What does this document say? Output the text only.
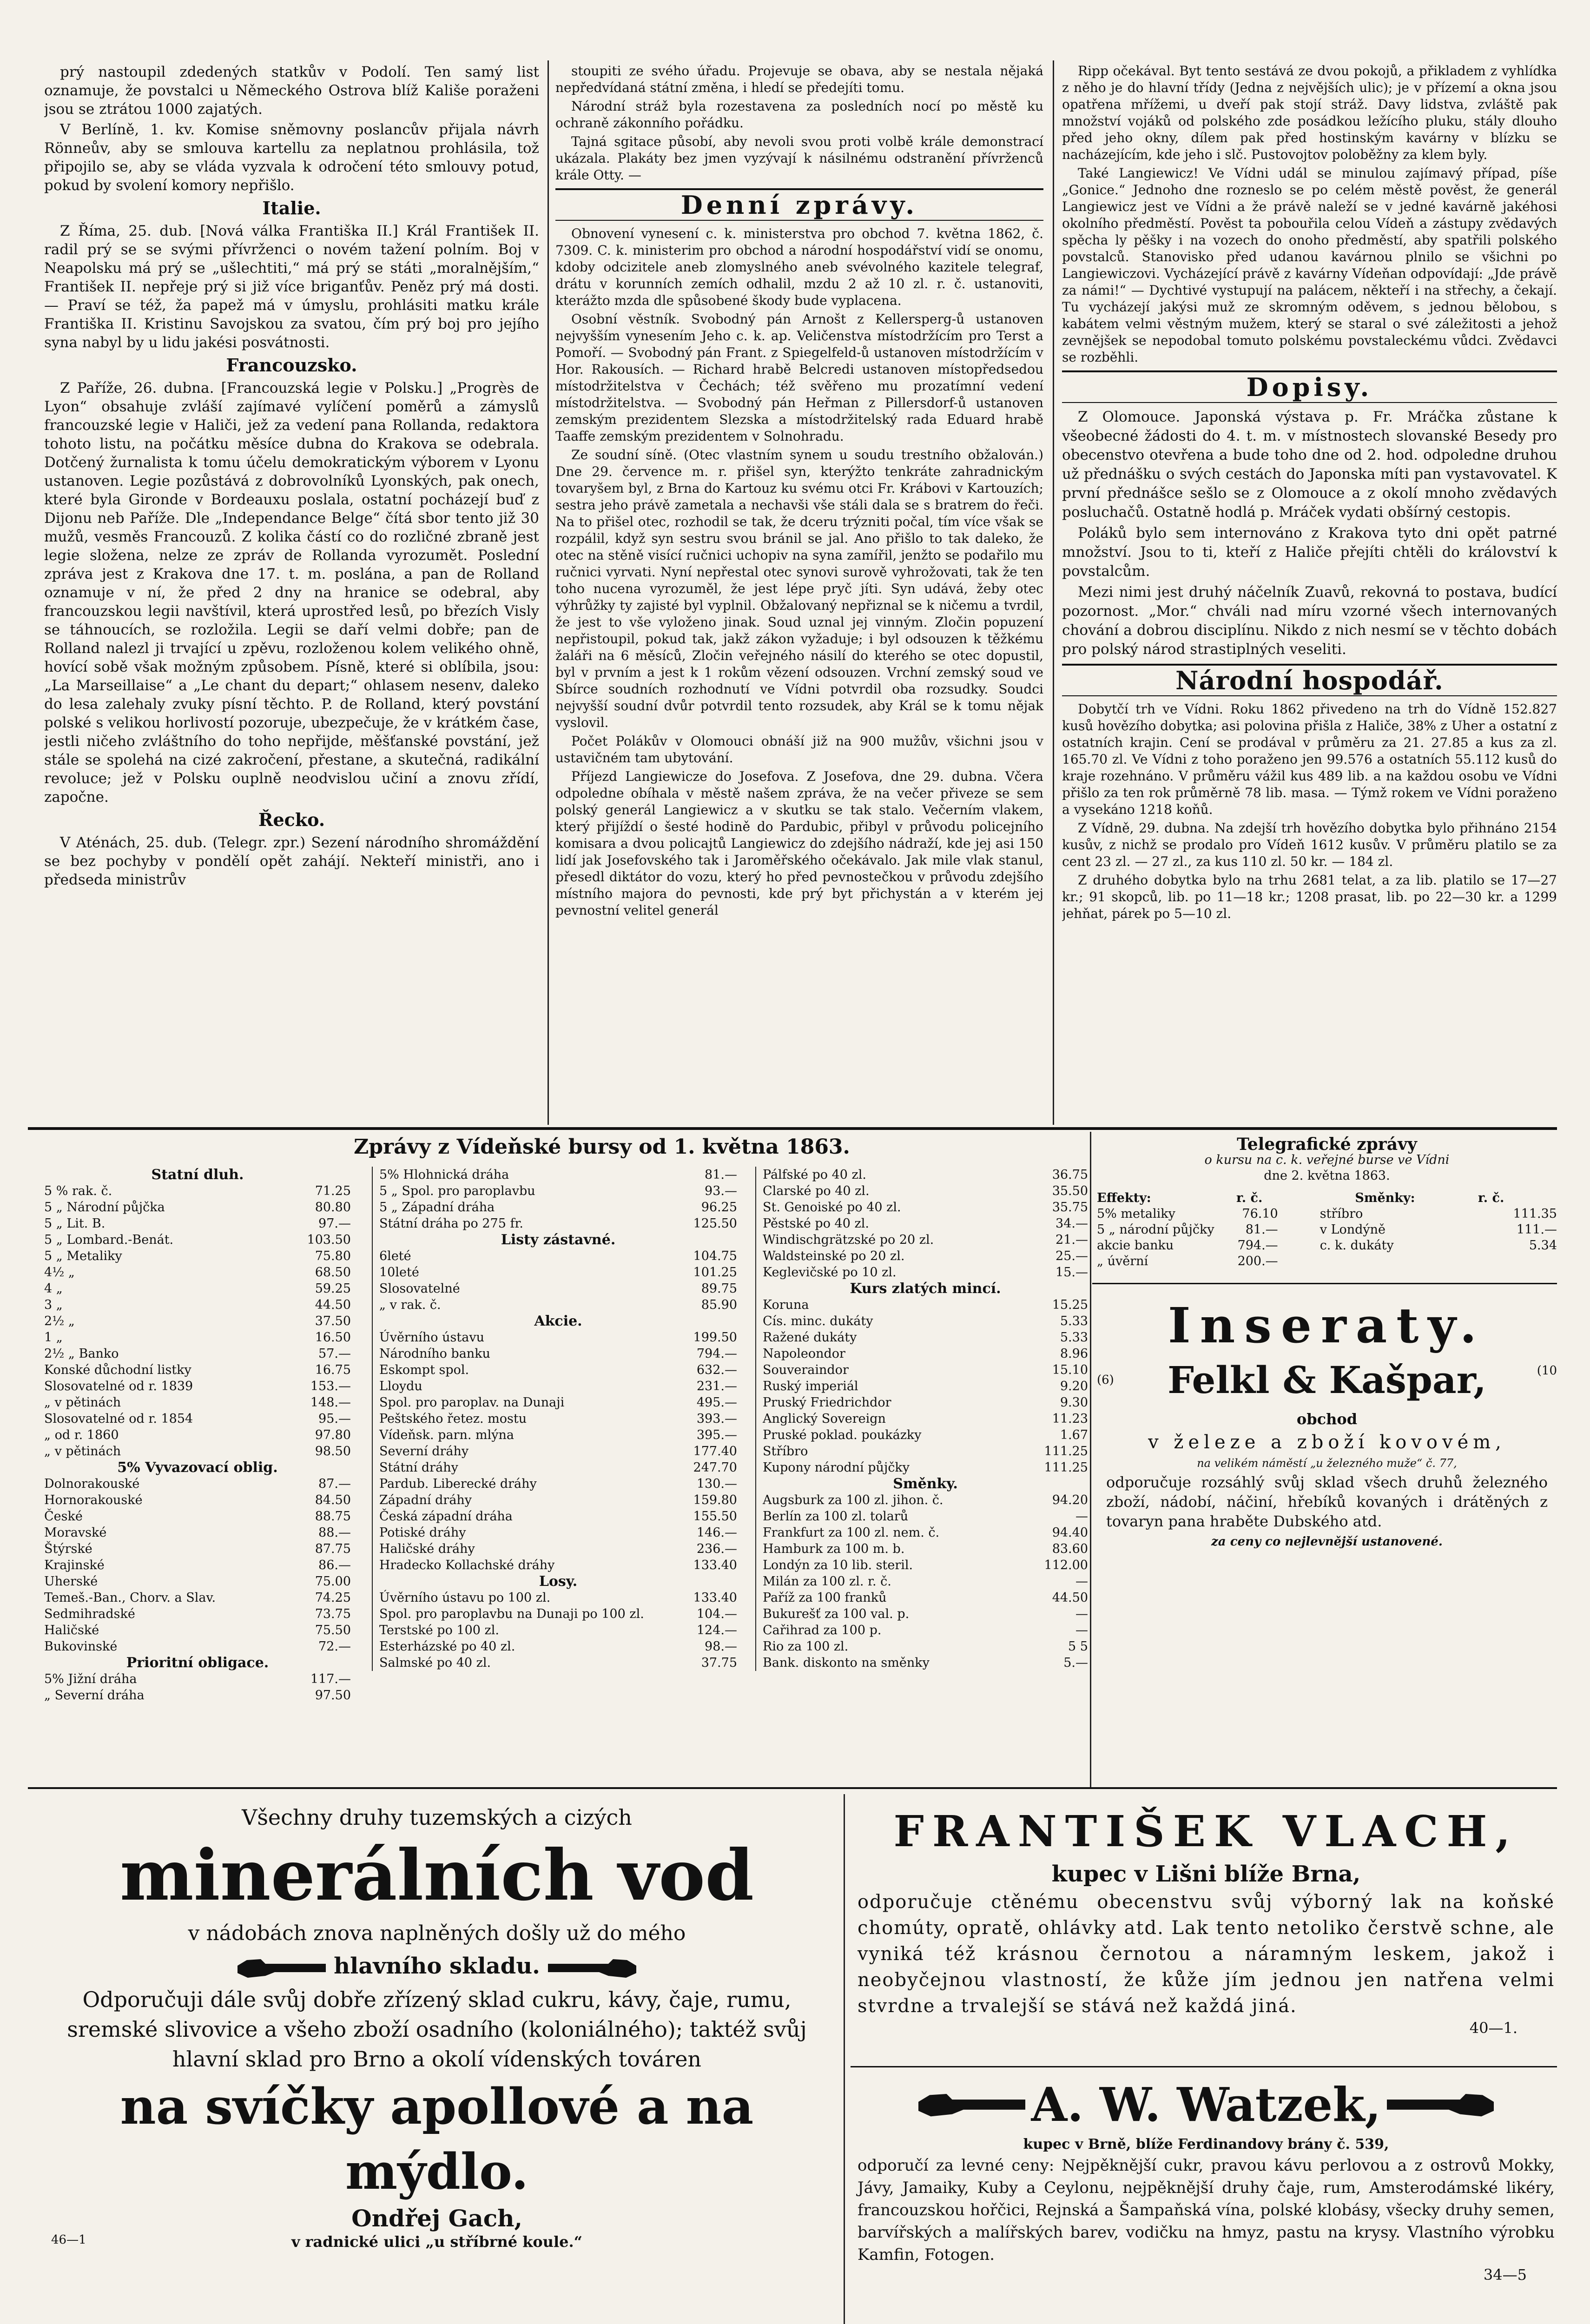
prý nastoupil zdedených statkův v Podolí. Ten samý list oznamuje, že povstalci u Německého Ostrova blíž Kališe poraženi jsou se ztrátou 1000 zajatých.

V Berlíně, 1. kv. Komise sněmovny poslancův přijala návrh Rönneův, aby se smlouva kartellu za neplatnou prohlásila, tož připojilo se, aby se vláda vyzvala k odročení této smlouvy potud, pokud by svolení komory nepřišlo.

Italie.

Z Říma, 25. dub. [Nová válka Františka II.] Král František II. radil prý se se svými přívrženci o novém tažení polním. Boj v Neapolsku má prý se „ušlechtiti,“ má prý se státi „moralnějším,“ František II. nepřeje prý si již více briganťův. Peněz prý má dosti. — Praví se též, ža papež má v úmyslu, prohlásiti matku krále Františka II. Kristinu Savojskou za svatou, čím prý boj pro jejího syna nabyl by u lidu jakési posvátnosti.

Francouzsko.

Z Paříže, 26. dubna. [Francouzská legie v Polsku.] „Progrès de Lyon“ obsahuje zvláší zajímavé vylíčení poměrů a zámyslů francouzské legie v Haliči, jež za vedení pana Rollanda, redaktora tohoto listu, na počátku měsíce dubna do Krakova se odebrala. Dotčený žurnalista k tomu účelu demokratickým výborem v Lyonu ustanoven. Legie pozůstává z dobrovolníků Lyonských, pak onech, které byla Gironde v Bordeauxu poslala, ostatní pocházejí buď z Dijonu neb Paříže. Dle „Independance Belge“ čítá sbor tento již 30 mužů, vesměs Francouzů. Z kolika částí co do rozličné zbraně jest legie složena, nelze ze zpráv de Rollanda vyrozumět. Poslední zpráva jest z Krakova dne 17. t. m. poslána, a pan de Rolland oznamuje v ní, že před 2 dny na hranice se odebral, aby francouzskou legii navštívil, která uprostřed lesů, po březích Visly se táhnoucích, se rozložila. Legii se daří velmi dobře; pan de Rolland nalezl ji trvající u zpěvu, rozloženou kolem velikého ohně, hovící sobě však možným způsobem. Písně, které si oblíbila, jsou: „La Marseillaise“ a „Le chant du depart;“ ohlasem nesenv, daleko do lesa zalehaly zvuky písní těchto. P. de Rolland, který povstání polské s velikou horlivostí pozoruje, ubezpečuje, že v krátkém čase, jestli ničeho zvláštního do toho nepřijde, měšťanské povstání, jež stále se spolehá na cizé zakročení, přestane, a skutečná, radikální revoluce; jež v Polsku ouplně neodvislou učiní a znovu zřídí, započne.

Řecko.

V Aténách, 25. dub. (Telegr. zpr.) Sezení národního shromáždění se bez pochyby v pondělí opět zahájí. Nekteří ministři, ano i předseda ministrův

stoupiti ze svého úřadu. Projevuje se obava, aby se nestala nějaká nepředvídaná státní změna, i hledí se předejíti tomu.

Národní stráž byla rozestavena za posledních nocí po městě ku ochraně zákonního pořádku.

Tajná sgitace působí, aby nevoli svou proti volbě krále demonstrací ukázala. Plakáty bez jmen vyzývají k násilnému odstranění přívrženců krále Otty. —

Denní zprávy.

Obnovení vynesení c. k. ministerstva pro obchod 7. května 1862, č. 7309. C. k. ministerim pro obchod a národní hospodářství vidí se onomu, kdoby odcizitele aneb zlomyslného aneb svévolného kazitele telegraf, drátu v korunních zemích odhalil, mzdu 2 až 10 zl. r. č. ustanoviti, kterážto mzda dle spůsobené škody bude vyplacena.

Osobní věstník. Svobodný pán Arnošt z Kellersperg-ů ustanoven nejvyšším vynesením Jeho c. k. ap. Veličenstva místodržícím pro Terst a Pomoří. — Svobodný pán Frant. z Spiegelfeld-ů ustanoven místodržícím v Hor. Rakousích. — Richard hrabě Belcredi ustanoven místopředsedou místodržitelstva v Čechách; též svěřeno mu prozatímní vedení místodržitelstva. — Svobodný pán Heřman z Pillersdorf-ů ustanoven zemským prezidentem Slezska a místodržitelský rada Eduard hrabě Taaffe zemským prezidentem v Solnohradu.

Ze soudní síně. (Otec vlastním synem u soudu trestního obžalován.) Dne 29. července m. r. přišel syn, kterýžto tenkráte zahradnickým tovaryšem byl, z Brna do Kartouz ku svému otci Fr. Krábovi v Kartouzích; sestra jeho právě zametala a nechavši vše stáli dala se s bratrem do řeči. Na to přišel otec, rozhodil se tak, že dceru trýzniti počal, tím více však se rozpálil, když syn sestru svou bránil se jal. Ano přišlo to tak daleko, že otec na stěně visící ručnici uchopiv na syna zamířil, jenžto se podařilo mu ručnici vyrvati. Nyní nepřestal otec synovi surově vyhrožovati, tak že ten toho nucena vyrozuměl, že jest lépe pryč jíti. Syn udává, žeby otec výhrůžky ty zajisté byl vyplnil. Obžalovaný nepřiznal se k ničemu a tvrdil, že jest to vše vyloženo jinak. Soud uznal jej vinným. Zločin popuzení nepřistoupil, pokud tak, jakž zákon vyžaduje; i byl odsouzen k těžkému žaláři na 6 měsíců, Zločin veřejného násilí do kterého se otec dopustil, byl v prvním a jest k 1 rokům vězení odsouzen. Vrchní zemský soud ve Sbírce soudních rozhodnutí ve Vídni potvrdil oba rozsudky. Soudci nejvyšší soudní dvůr potvrdil tento rozsudek, aby Král se k tomu nějak vyslovil.

Počet Polákův v Olomouci obnáší již na 900 mužův, všichni jsou v ustavičném tam ubytování.

Příjezd Langiewicze do Josefova. Z Josefova, dne 29. dubna. Včera odpoledne obíhala v městě našem zpráva, že na večer přiveze se sem polský generál Langiewicz a v skutku se tak stalo. Večerním vlakem, který přijíždí o šesté hodině do Pardubic, přibyl v průvodu policejního komisara a dvou policajtů Langiewicz do zdejšího nádraží, kde jej asi 150 lidí jak Josefovského tak i Jaroměřského očekávalo. Jak mile vlak stanul, přesedl diktátor do vozu, který ho před pevnostečkou v průvodu zdejšího místního majora do pevnosti, kde prý byt přichystán a v kterém jej pevnostní velitel generál

Ripp očekával. Byt tento sestává ze dvou pokojů, a přikladem z vyhlídka z něho je do hlavní třídy (Jedna z nejvějších ulic); je v přízemí a okna jsou opatřena mřížemi, u dveří pak stojí stráž. Davy lidstva, zvláště pak množství vojáků od polského zde posádkou ležícího pluku, stály dlouho před jeho okny, dílem pak před hostinským kavárny v blízku se nacházejícím, kde jeho i slč. Pustovojtov poloběžny za klem byly.

Také Langiewicz! Ve Vídni udál se minulou zajímavý případ, píše „Gonice.“ Jednoho dne rozneslo se po celém městě pověst, že generál Langiewicz jest ve Vídni a že právě naleží se v jedné kavárně jakéhosi okolního předměstí. Pověst ta pobouřila celou Vídeň a zástupy zvědavých spěcha ly pěšky i na vozech do onoho předměstí, aby spatřili polského povstalců. Stanovisko před udanou kavárnou plnilo se všichni po Langiewiczovi. Vycházející právě z kavárny Vídeňan odpovídají: „Jde právě za námi!“ — Dychtivé vystupují na palácem, někteří i na střechy, a čekají. Tu vycházejí jakýsi muž ze skromným oděvem, s jednou bělobou, s kabátem velmi věstným mužem, který se staral o své záležitosti a jehož zevnějšek se nepodobal tomuto polskému povstaleckému vůdci. Zvědavci se rozběhli.

Dopisy.

Z Olomouce. Japonská výstava p. Fr. Mráčka zůstane k všeobecné žádosti do 4. t. m. v místnostech slovanské Besedy pro obecenstvo otevřena a bude toho dne od 2. hod. odpoledne druhou už přednášku o svých cestách do Japonska míti pan vystavovatel. K první přednášce sešlo se z Olomouce a z okolí mnoho zvědavých posluchačů. Ostatně hodlá p. Mráček vydati obšírný cestopis.

Poláků bylo sem internováno z Krakova tyto dni opět patrné množství. Jsou to ti, kteří z Haliče přejíti chtěli do království k povstalcům.

Mezi nimi jest druhý náčelník Zuavů, rekovná to postava, budící pozornost. „Mor.“ chváli nad míru vzorné všech internovaných chování a dobrou disciplínu. Nikdo z nich nesmí se v těchto dobách pro polský národ strastiplných veseliti.

Národní hospodář.

Dobytčí trh ve Vídni. Roku 1862 přivedeno na trh do Vídně 152.827 kusů hovězího dobytka; asi polovina přišla z Haliče, 38% z Uher a ostatní z ostatních krajin. Cení se prodával v průměru za 21. 27.85 a kus za zl. 165.70 zl. Ve Vídni z toho poraženo jen 99.576 a ostatních 55.112 kusů do kraje rozehnáno. V průměru vážil kus 489 lib. a na každou osobu ve Vídni přišlo za ten rok průměrně 78 lib. masa. — Týmž rokem ve Vídni poraženo a vysekáno 1218 koňů.

Z Vídně, 29. dubna. Na zdejší trh hovězího dobytka bylo přihnáno 2154 kusův, z nichž se prodalo pro Vídeň 1612 kusův. V průměru platilo se za cent 23 zl. — 27 zl., za kus 110 zl. 50 kr. — 184 zl.

Z druhého dobytka bylo na trhu 2681 telat, a za lib. platilo se 17—27 kr.; 91 skopců, lib. po 11—18 kr.; 1208 prasat, lib. po 22—30 kr. a 1299 jehňat, párek po 5—10 zl.

Zprávy z Vídeňské bursy od 1. května 1863.
Statní dluh.
5 % rak. č.	71.25
5 „ Národní půjčka	80.80
5 „ Lit. B.	97.—
5 „ Lombard.-Benát.	103.50
5 „ Metaliky	75.80
4½ „	68.50
4 „	59.25
3 „	44.50
2½ „	37.50
1 „	16.50
2½ „ Banko	57.—
Konské důchodní listky	16.75
Slosovatelné od r. 1839	153.—
„ v pětinách	148.—
Slosovatelné od r. 1854	95.—
„ od r. 1860	97.80
„ v pětinách	98.50
5% Vyvazovací oblig.
Dolnorakouské	87.—
Hornorakouské	84.50
České	88.75
Moravské	88.—
Štýrské	87.75
Krajinské	86.—
Uherské	75.00
Temeš.-Ban., Chorv. a Slav.	74.25
Sedmihradské	73.75
Haličské	75.50
Bukovinské	72.—
Prioritní obligace.
5% Jižní dráha	117.—
„ Severní dráha	97.50
5% Hlohnická dráha	81.—
5 „ Spol. pro paroplavbu	93.—
5 „ Západní dráha	96.25
Státní dráha po 275 fr.	125.50
Listy zástavné.
6leté	104.75
10leté	101.25
Slosovatelné	89.75
„ v rak. č.	85.90
Akcie.
Úvěrního ústavu	199.50
Národního banku	794.—
Eskompt spol.	632.—
Lloydu	231.—
Spol. pro paroplav. na Dunaji	495.—
Peštského řetez. mostu	393.—
Vídeňsk. parn. mlýna	395.—
Severní dráhy	177.40
Státní dráhy	247.70
Pardub. Liberecké dráhy	130.—
Západní dráhy	159.80
Česká západní dráha	155.50
Potiské dráhy	146.—
Haličské dráhy	236.—
Hradecko Kollachské dráhy	133.40
Losy.
Úvěrního ústavu po 100 zl.	133.40
Spol. pro paroplavbu na Dunaji po 100 zl.	104.—
Terstské po 100 zl.	124.—
Esterházské po 40 zl.	98.—
Salmské po 40 zl.	37.75
Pálfské po 40 zl.	36.75
Clarské po 40 zl.	35.50
St. Genoiské po 40 zl.	35.75
Pěstské po 40 zl.	34.—
Windischgrätzské po 20 zl.	21.—
Waldsteinské po 20 zl.	25.—
Keglevičské po 10 zl.	15.—
Kurs zlatých mincí.
Koruna	15.25
Cís. minc. dukáty	5.33
Ražené dukáty	5.33
Napoleondor	8.96
Souveraindor	15.10
Ruský imperiál	9.20
Pruský Friedrichdor	9.30
Anglický Sovereign	11.23
Pruské poklad. poukázky	1.67
Stříbro	111.25
Kupony národní půjčky	111.25
Směnky.
Augsburk za 100 zl. jihon. č.	94.20
Berlín za 100 zl. tolarů	—
Frankfurt za 100 zl. nem. č.	94.40
Hamburk za 100 m. b.	83.60
Londýn za 10 lib. steril.	112.00
Milán za 100 zl. r. č.	—
Paříž za 100 franků	44.50
Bukurešť za 100 val. p.	—
Cařihrad za 100 p.	—
Rio za 100 zl.	5 5
Bank. diskonto na směnky	5.—
Telegrafické zprávy
o kursu na c. k. veřejné burse ve Vídni
dne 2. května 1863.
Effekty:	r. č.	Směnky:	r. č.
5% metaliky	76.10	stříbro	111.35
5 „ národní půjčky	81.—	v Londýně	111.—
akcie banku	794.—	c. k. dukáty	5.34
„ úvěrní	200.—
Inseraty.
(6)	Felkl & Kašpar,	(10
obchod
v železe a zboží kovovém,
na velikém náměstí „u železného muže“ č. 77,
odporučuje rozsáhlý svůj sklad všech druhů železného zboží, nádobí, náčiní, hřebíků kovaných i drátěných z tovaryn pana hraběte Dubského atd.
za ceny co nejlevnější ustanovené.
Všechny druhy tuzemských a cizých
minerálních vod
v nádobách znova naplněných došly už do mého
hlavního skladu.
Odporučuji dále svůj dobře zřízený sklad cukru, kávy, čaje, rumu, sremské slivovice a všeho zboží osadního (koloniálného); taktéž svůj hlavní sklad pro Brno a okolí vídenských továren
na svíčky apollové a na mýdlo.
Ondřej Gach,
46—1	v radnické ulici „u stříbrné koule.“
FRANTIŠEK VLACH,
kupec v Lišni blíže Brna,
odporučuje ctěnému obecenstvu svůj výborný lak na koňské chomúty, opratě, ohlávky atd. Lak tento netoliko čerstvě schne, ale vyniká též krásnou černotou a náramným leskem, jakož i neobyčejnou vlastností, že kůže jím jednou jen natřena velmi stvrdne a trvalejší se stává než každá jiná.
40—1.
A. W. Watzek,
kupec v Brně, blíže Ferdinandovy brány č. 539,
odporučí za levné ceny: Nejpěknější cukr, pravou kávu perlovou a z ostrovů Mokky, Jávy, Jamaiky, Kuby a Ceylonu, nejpěknější druhy čaje, rum, Amsterodámské likéry, francouzskou hořčici, Rejnská a Šampaňská vína, polské klobásy, všecky druhy semen, barvířských a malířských barev, vodičku na hmyz, pastu na krysy. Vlastního výrobku Kamfin, Fotogen.
34—5
